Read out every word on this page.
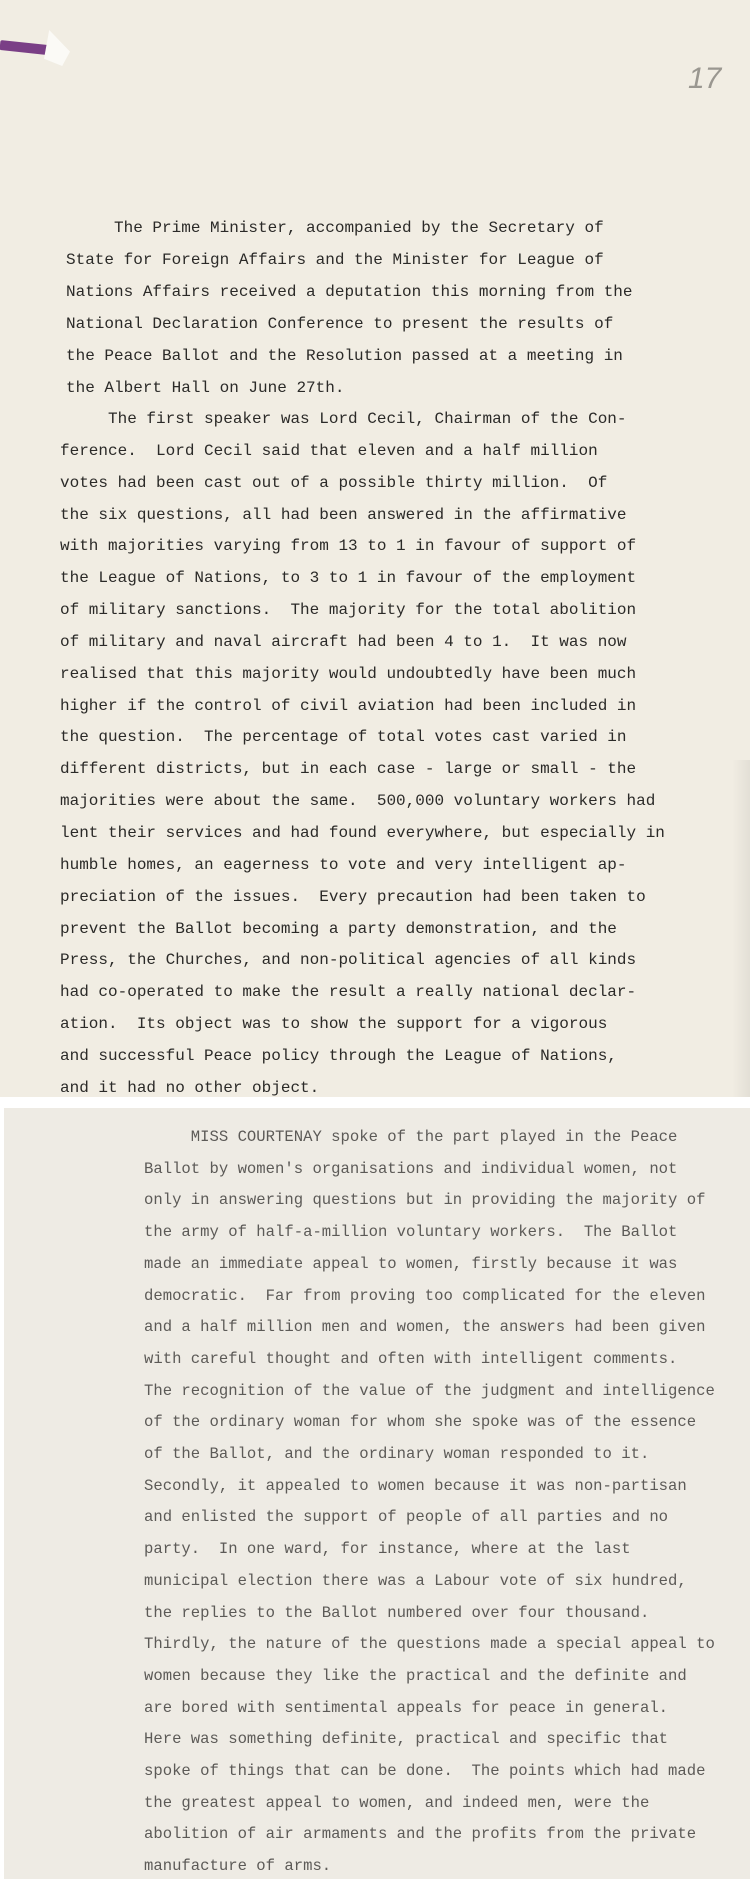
17

The Prime Minister, accompanied by the Secretary of
State for Foreign Affairs and the Minister for League of
Nations Affairs received a deputation this morning from the
National Declaration Conference to present the results of
the Peace Ballot and the Resolution passed at a meeting in
the Albert Hall on June 27th.

The first speaker was Lord Cecil, Chairman of the Con-
ference.  Lord Cecil said that eleven and a half million
votes had been cast out of a possible thirty million.  Of
the six questions, all had been answered in the affirmative
with majorities varying from 13 to 1 in favour of support of
the League of Nations, to 3 to 1 in favour of the employment
of military sanctions.  The majority for the total abolition
of military and naval aircraft had been 4 to 1.  It was now
realised that this majority would undoubtedly have been much
higher if the control of civil aviation had been included in
the question.  The percentage of total votes cast varied in
different districts, but in each case - large or small - the
majorities were about the same.  500,000 voluntary workers had
lent their services and had found everywhere, but especially in
humble homes, an eagerness to vote and very intelligent ap-
preciation of the issues.  Every precaution had been taken to
prevent the Ballot becoming a party demonstration, and the
Press, the Churches, and non-political agencies of all kinds
had co-operated to make the result a really national declar-
ation.  Its object was to show the support for a vigorous
and successful Peace policy through the League of Nations,
and it had no other object.

MISS COURTENAY spoke of the part played in the Peace
Ballot by women's organisations and individual women, not
only in answering questions but in providing the majority of
the army of half-a-million voluntary workers.  The Ballot
made an immediate appeal to women, firstly because it was
democratic.  Far from proving too complicated for the eleven
and a half million men and women, the answers had been given
with careful thought and often with intelligent comments.
The recognition of the value of the judgment and intelligence
of the ordinary woman for whom she spoke was of the essence
of the Ballot, and the ordinary woman responded to it.
Secondly, it appealed to women because it was non-partisan
and enlisted the support of people of all parties and no
party.  In one ward, for instance, where at the last
municipal election there was a Labour vote of six hundred,
the replies to the Ballot numbered over four thousand.
Thirdly, the nature of the questions made a special appeal to
women because they like the practical and the definite and
are bored with sentimental appeals for peace in general.
Here was something definite, practical and specific that
spoke of things that can be done.  The points which had made
the greatest appeal to women, and indeed men, were the
abolition of air armaments and the profits from the private
manufacture of arms.
